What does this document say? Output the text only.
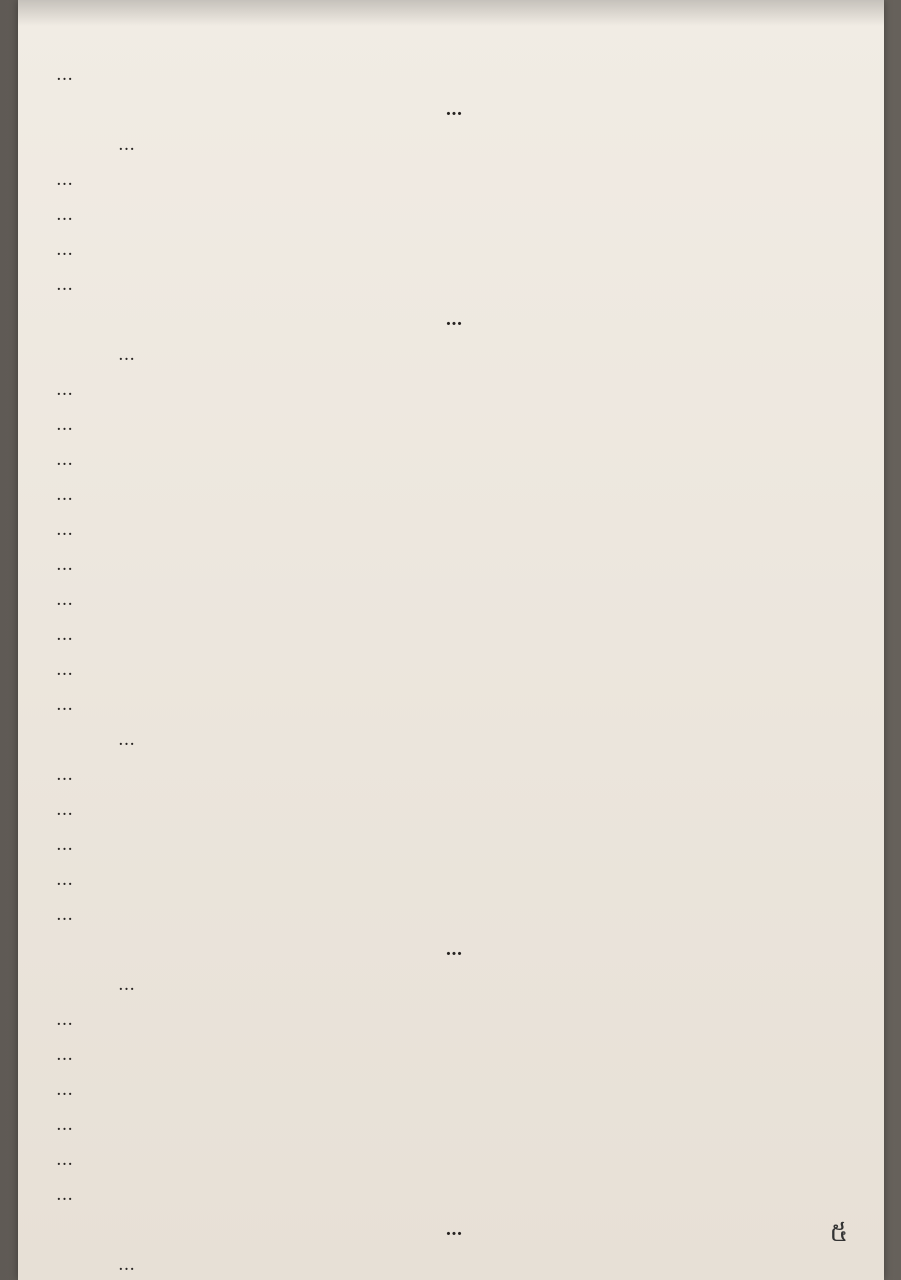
…
…
…
…
…
…
…
…
…
…
…
…
…
…
…
…
…
…
…
…
…
…
…
…
…
…
…
…
…
…
…
…
…
…
…
៥
